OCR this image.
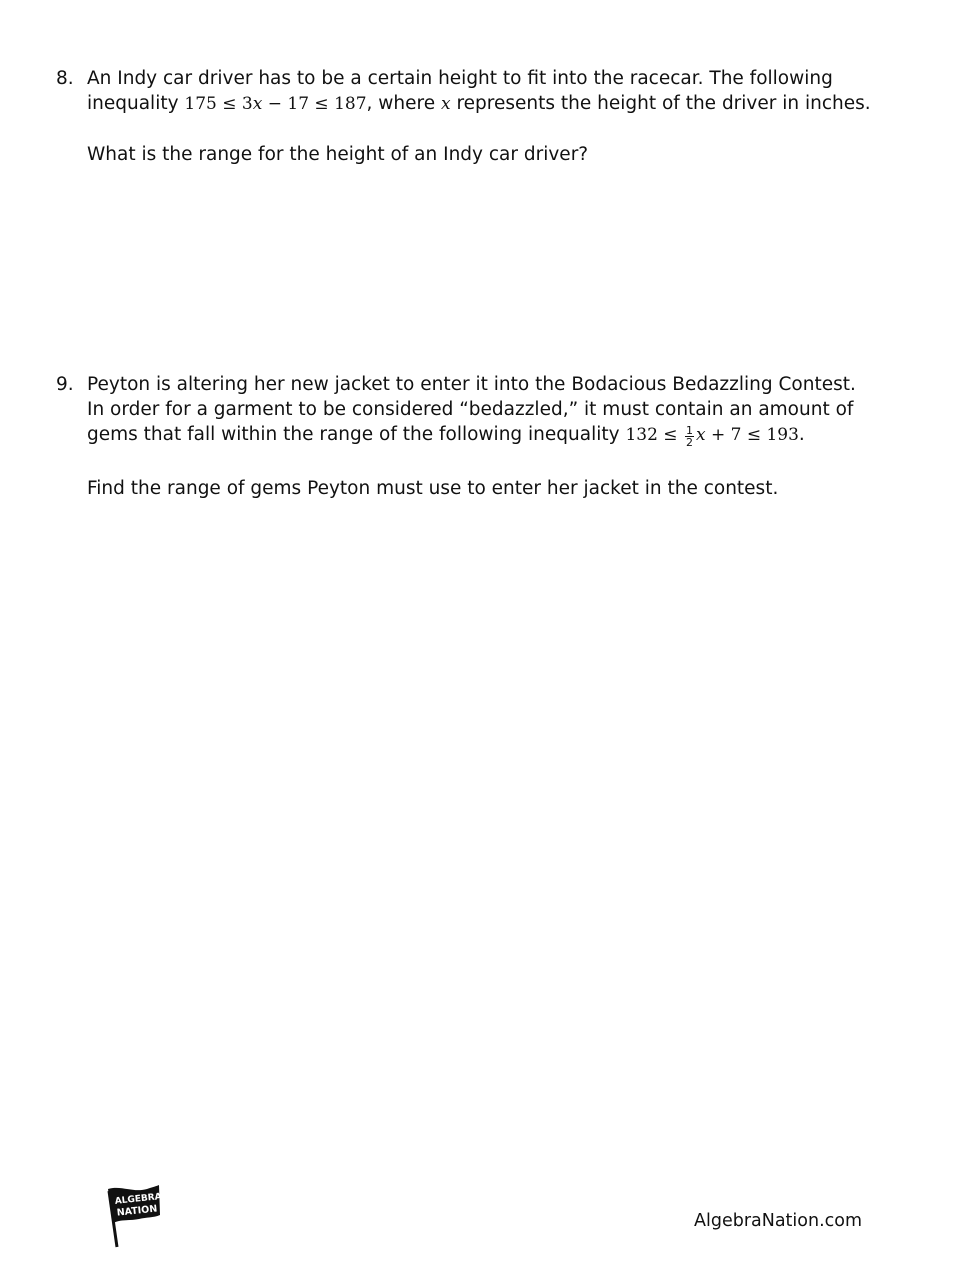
8. An Indy car driver has to be a certain height to fit into the racecar. The following
inequality 175 ≤ 3x − 17 ≤ 187, where x represents the height of the driver in inches.
What is the range for the height of an Indy car driver?
9. Peyton is altering her new jacket to enter it into the Bodacious Bedazzling Contest.
In order for a garment to be considered “bedazzled,” it must contain an amount of
gems that fall within the range of the following inequality $132 \le \frac{1}{2}$ x + 7 ≤ 193.
Find the range of gems Peyton must use to enter her jacket in the contest.
ALGEBRA
NATION	AlgebraNation.com
